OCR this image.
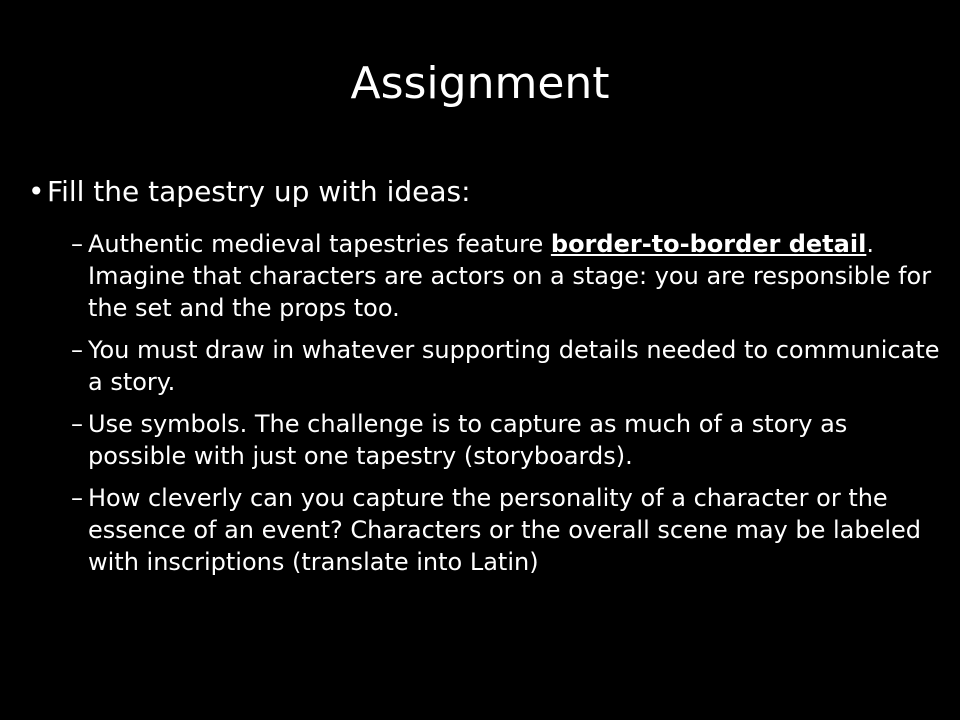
Assignment
• Fill the tapestry up with ideas:
– Authentic medieval tapestries feature border-to-border detail. Imagine that characters are actors on a stage: you are responsible for the set and the props too.
– You must draw in whatever supporting details needed to communicate a story.
– Use symbols. The challenge is to capture as much of a story as possible with just one tapestry (storyboards).
– How cleverly can you capture the personality of a character or the essence of an event? Characters or the overall scene may be labeled with inscriptions (translate into Latin)
